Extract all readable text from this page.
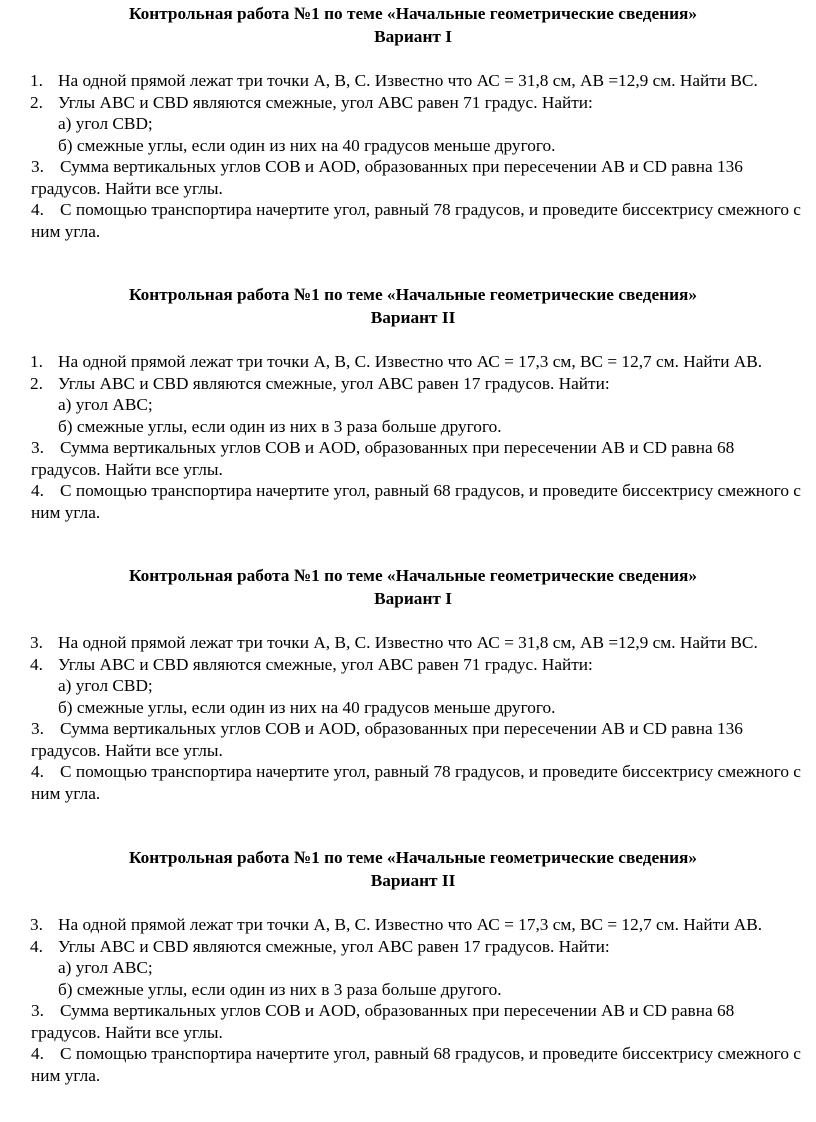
Контрольная работа №1 по теме «Начальные геометрические сведения»

Вариант I

1. На одной прямой лежат три точки А, В, С. Известно что АС = 31,8 см, АВ =12,9 см. Найти ВС.
2. Углы АВС и CBD являются смежные, угол АВС равен 71 градус. Найти:
а) угол CBD;
б) смежные углы, если один из них на 40 градусов меньше другого.
3. Сумма вертикальных углов СОВ и AOD, образованных при пересечении АВ и CD равна 136 градусов. Найти все углы.
4. С помощью транспортира начертите угол, равный 78 градусов, и проведите биссектрису смежного с ним угла.

Контрольная работа №1 по теме «Начальные геометрические сведения»

Вариант II

1. На одной прямой лежат три точки А, В, С. Известно что АС = 17,3 см, ВС = 12,7 см. Найти АВ.
2. Углы АВС и CBD являются смежные, угол АВС равен 17 градусов. Найти:
а) угол АВС;
б) смежные углы, если один из них в 3 раза больше другого.
3. Сумма вертикальных углов СОВ и AOD, образованных при пересечении АВ и CD равна 68 градусов. Найти все углы.
4. С помощью транспортира начертите угол, равный 68 градусов, и проведите биссектрису смежного с ним угла.

Контрольная работа №1 по теме «Начальные геометрические сведения»

Вариант I

3. На одной прямой лежат три точки А, В, С. Известно что АС = 31,8 см, АВ =12,9 см. Найти ВС.
4. Углы АВС и CBD являются смежные, угол АВС равен 71 градус. Найти:
а) угол CBD;
б) смежные углы, если один из них на 40 градусов меньше другого.
3. Сумма вертикальных углов СОВ и AOD, образованных при пересечении АВ и CD равна 136 градусов. Найти все углы.
4. С помощью транспортира начертите угол, равный 78 градусов, и проведите биссектрису смежного с ним угла.

Контрольная работа №1 по теме «Начальные геометрические сведения»

Вариант II

3. На одной прямой лежат три точки А, В, С. Известно что АС = 17,3 см, ВС = 12,7 см. Найти АВ.
4. Углы АВС и CBD являются смежные, угол АВС равен 17 градусов. Найти:
а) угол АВС;
б) смежные углы, если один из них в 3 раза больше другого.
3. Сумма вертикальных углов СОВ и AOD, образованных при пересечении АВ и CD равна 68 градусов. Найти все углы.
4. С помощью транспортира начертите угол, равный 68 градусов, и проведите биссектрису смежного с ним угла.
